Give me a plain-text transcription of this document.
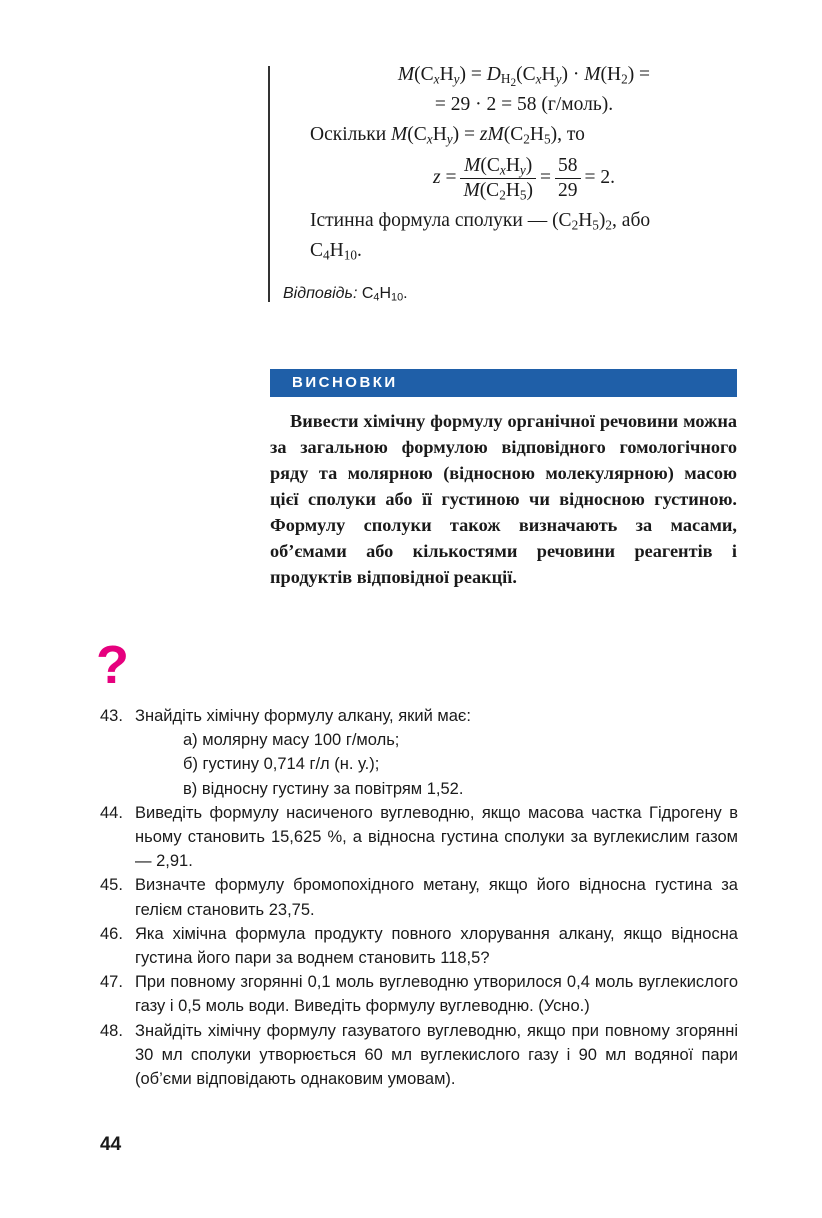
$M(C_xH_y) = D_{H_2}(C_xH_y) \cdot M(H_2)$ =
= 29 · 2 = 58 (г/моль).
Оскільки $M(C_xH_y) = zM(C_2H_5)$, то
$z = \frac{M(C_xH_y)}{M(C_2H_5)} = \frac{58}{29} = 2$.
Істинна формула сполуки — $(C_2H_5)_2$, або
$C_4H_{10}$.
Відповідь: $C_4H_{10}$.
ВИСНОВКИ

Вивести хімічну формулу органічної речовини можна за загальною формулою відповідного гомологічного ряду та молярною (відносною молекулярною) масою цієї сполуки або її густиною чи відносною густиною. Формулу сполуки також визначають за масами, об’ємами або кількостями речовини реагентів і продуктів відповідної реакції.

?
43. Знайдіть хімічну формулу алкану, який має:
а) молярну масу 100 г/моль;
б) густину 0,714 г/л (н. у.);
в) відносну густину за повітрям 1,52.
44. Виведіть формулу насиченого вуглеводню, якщо масова частка Гідрогену в ньому становить 15,625 %, а відносна густина сполуки за вуглекислим газом — 2,91.
45. Визначте формулу бромопохідного метану, якщо його відносна густина за гелієм становить 23,75.
46. Яка хімічна формула продукту повного хлорування алкану, якщо відносна густина його пари за воднем становить 118,5?
47. При повному згорянні 0,1 моль вуглеводню утворилося 0,4 моль вуглекислого газу і 0,5 моль води. Виведіть формулу вуглеводню. (Усно.)
48. Знайдіть хімічну формулу газуватого вуглеводню, якщо при повному згорянні 30 мл сполуки утворюється 60 мл вуглекислого газу і 90 мл водяної пари (об’єми відповідають однаковим умовам).
44
